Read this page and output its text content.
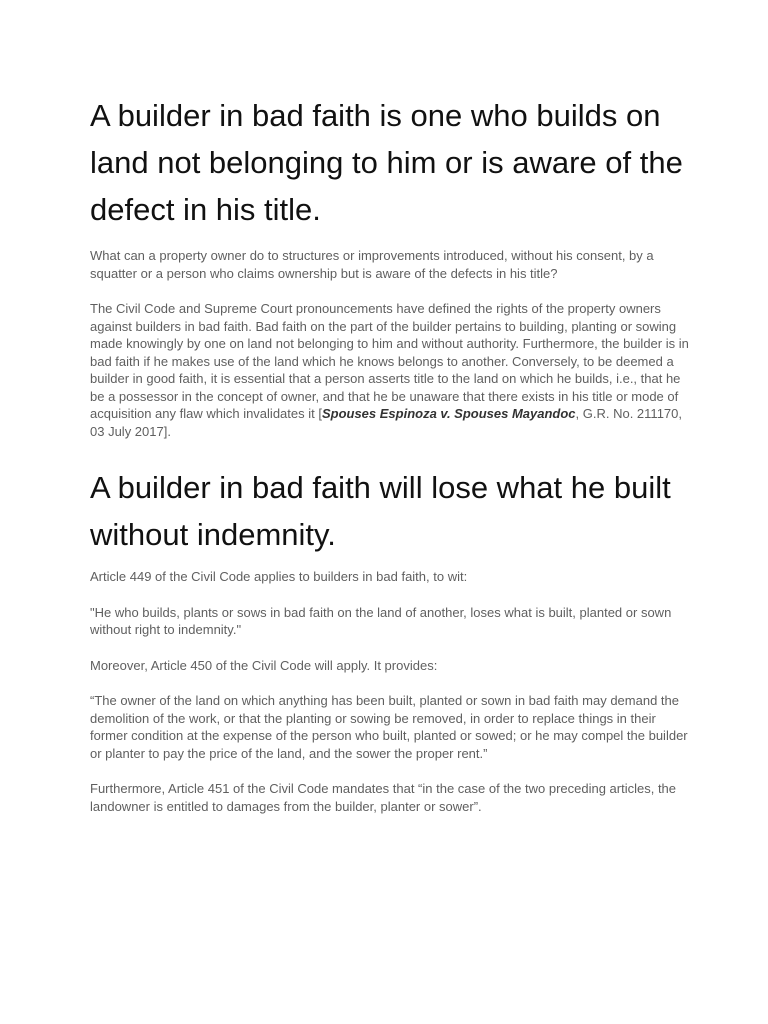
A builder in bad faith is one who builds on land not belonging to him or is aware of the defect in his title.

What can a property owner do to structures or improvements introduced, without his consent, by a squatter or a person who claims ownership but is aware of the defects in his title?

The Civil Code and Supreme Court pronouncements have defined the rights of the property owners against builders in bad faith. Bad faith on the part of the builder pertains to building, planting or sowing made knowingly by one on land not belonging to him and without authority. Furthermore, the builder is in bad faith if he makes use of the land which he knows belongs to another. Conversely, to be deemed a builder in good faith, it is essential that a person asserts title to the land on which he builds, i.e., that he be a possessor in the concept of owner, and that he be unaware that there exists in his title or mode of acquisition any flaw which invalidates it [Spouses Espinoza v. Spouses Mayandoc, G.R. No. 211170, 03 July 2017].

A builder in bad faith will lose what he built without indemnity.

Article 449 of the Civil Code applies to builders in bad faith, to wit:

"He who builds, plants or sows in bad faith on the land of another, loses what is built, planted or sown without right to indemnity."

Moreover, Article 450 of the Civil Code will apply. It provides:

“The owner of the land on which anything has been built, planted or sown in bad faith may demand the demolition of the work, or that the planting or sowing be removed, in order to replace things in their former condition at the expense of the person who built, planted or sowed; or he may compel the builder or planter to pay the price of the land, and the sower the proper rent.”

Furthermore, Article 451 of the Civil Code mandates that “in the case of the two preceding articles, the landowner is entitled to damages from the builder, planter or sower”.
